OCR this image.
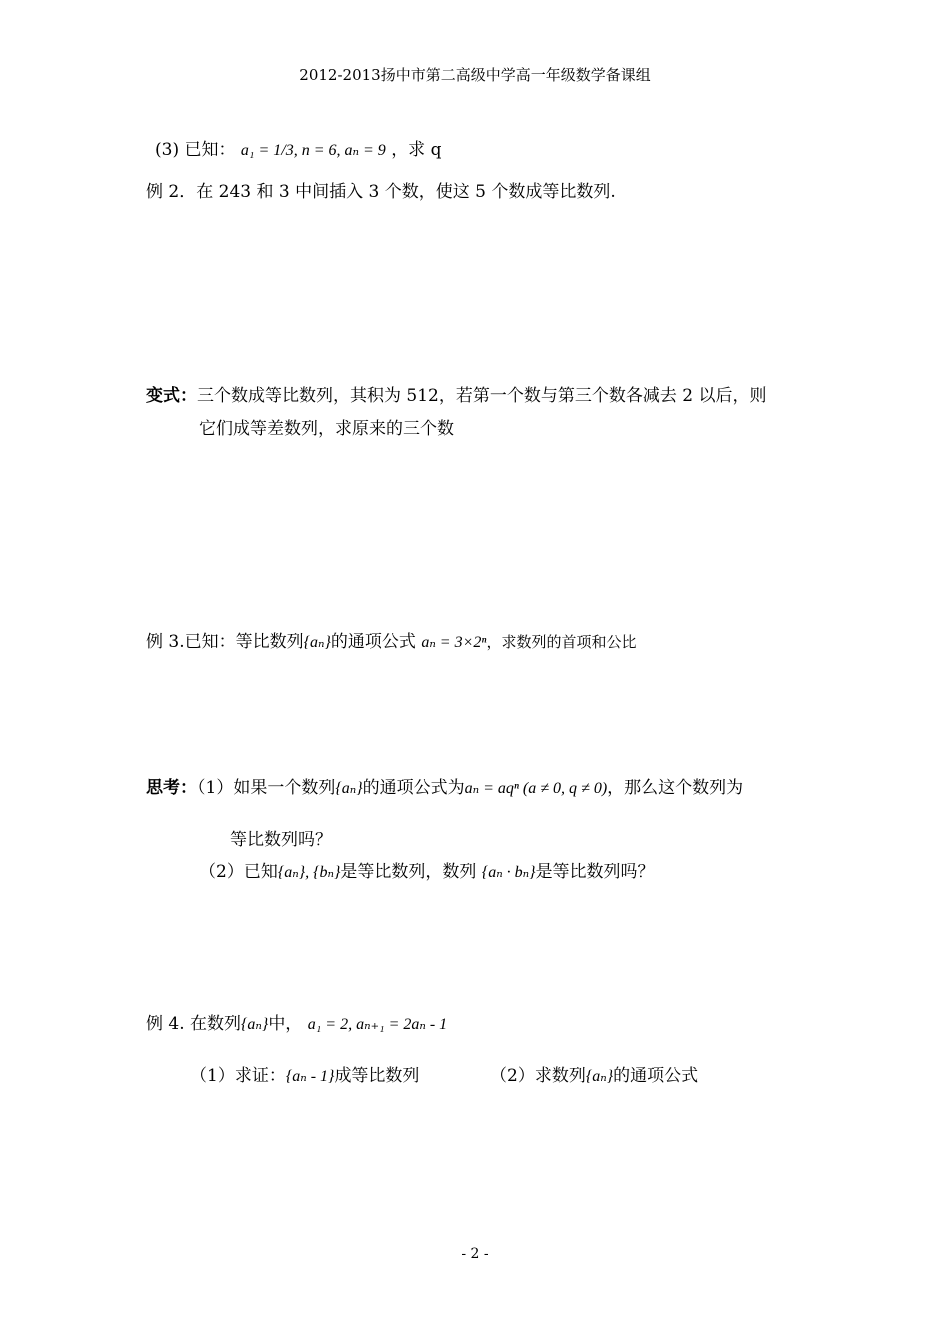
2012-2013扬中市第二高级中学高一年级数学备课组
(3) 已知： a₁ = 1/3, n = 6, aₙ = 9 ，求 q
例 2．在 243 和 3 中间插入 3 个数，使这 5 个数成等比数列.
变式：三个数成等比数列，其积为 512，若第一个数与第三个数各减去 2 以后，则
它们成等差数列，求原来的三个数
例 3.已知：等比数列{aₙ}的通项公式 aₙ = 3×2ⁿ，求数列的首项和公比
思考：（1）如果一个数列{aₙ}的通项公式为aₙ = aqⁿ (a ≠ 0, q ≠ 0)，那么这个数列为
等比数列吗？
（2）已知{aₙ}, {bₙ}是等比数列，数列 {aₙ · bₙ}是等比数列吗？
例 4. 在数列{aₙ}中， a₁ = 2, aₙ₊₁ = 2aₙ - 1
（1）求证：{aₙ - 1}成等比数列	（2）求数列{aₙ}的通项公式
- 2 -
